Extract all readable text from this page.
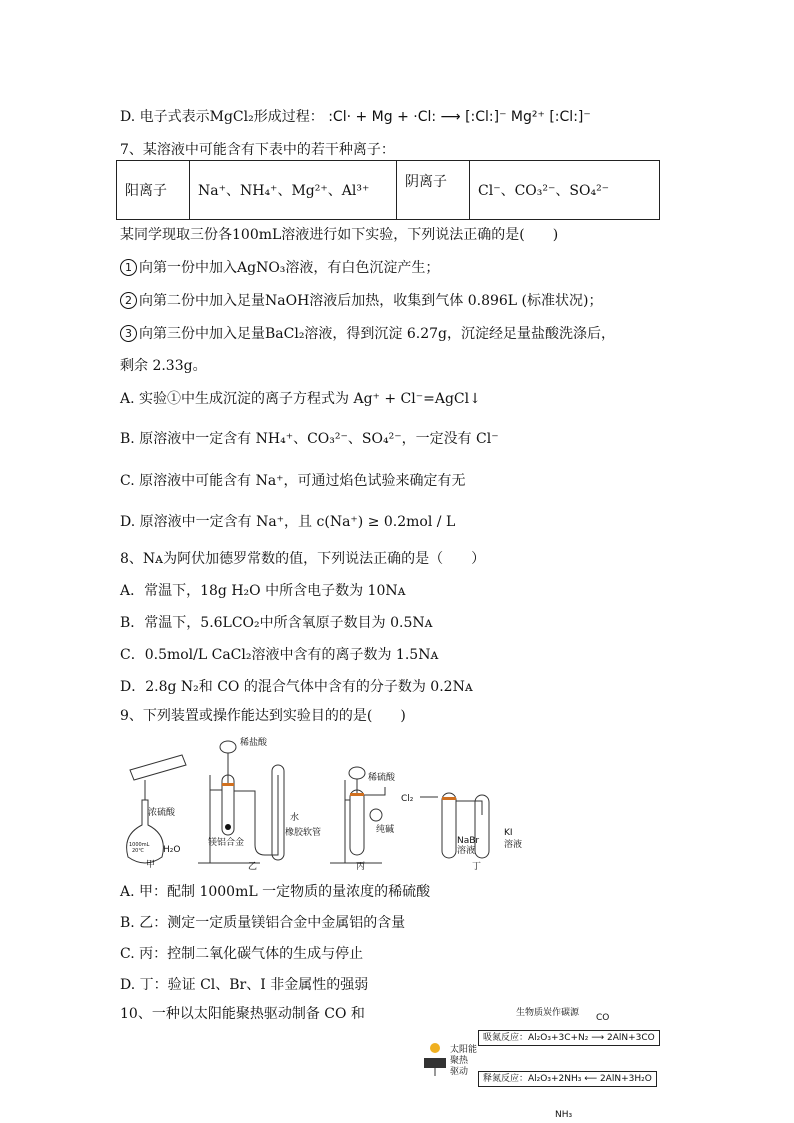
D. 电子式表示MgCl₂形成过程： :Cl· + Mg + ·Cl: ⟶ [:Cl:]⁻ Mg²⁺ [:Cl:]⁻
7、某溶液中可能含有下表中的若干种离子：
阳离子	Na⁺、NH₄⁺、Mg²⁺、Al³⁺	阴离子	Cl⁻、CO₃²⁻、SO₄²⁻
某同学现取三份各100mL溶液进行如下实验，下列说法正确的是(　　)
1 向第一份中加入AgNO₃溶液，有白色沉淀产生；
2 向第二份中加入足量NaOH溶液后加热，收集到气体 0.896L (标准状况)；
3 向第三份中加入足量BaCl₂溶液，得到沉淀 6.27g，沉淀经足量盐酸洗涤后，
剩余 2.33g。
A. 实验①中生成沉淀的离子方程式为 Ag⁺ + Cl⁻=AgCl↓
B. 原溶液中一定含有 NH₄⁺、CO₃²⁻、SO₄²⁻，一定没有 Cl⁻
C. 原溶液中可能含有 Na⁺，可通过焰色试验来确定有无
D. 原溶液中一定含有 Na⁺，且 c(Na⁺) ≥ 0.2mol / L
8、Nᴀ为阿伏加德罗常数的值，下列说法正确的是（　　）
A．常温下，18g H₂O 中所含电子数为 10Nᴀ
B．常温下，5.6LCO₂中所含氧原子数目为 0.5Nᴀ
C．0.5mol/L CaCl₂溶液中含有的离子数为 1.5Nᴀ
D．2.8g N₂和 CO 的混合气体中含有的分子数为 0.2Nᴀ
9、下列装置或操作能达到实验目的的是(　　)
浓硫酸
H₂O
1000mL
20℃
甲
稀盐酸
镁铝合金
水
橡胶软管
乙
稀硫酸
纯碱
丙
Cl₂
NaBr
溶液
KI
溶液
丁
A. 甲：配制 1000mL 一定物质的量浓度的稀硫酸
B. 乙：测定一定质量镁铝合金中金属铝的含量
C. 丙：控制二氧化碳气体的生成与停止
D. 丁：验证 Cl、Br、I 非金属性的强弱
10、一种以太阳能聚热驱动制备 CO 和	生物质炭作碳源 CO
吸氮反应：Al₂O₃+3C+N₂ ⟶ 2AlN+3CO
释氮反应：Al₂O₃+2NH₃ ⟵ 2AlN+3H₂O
太阳能
聚热
驱动
NH₃
